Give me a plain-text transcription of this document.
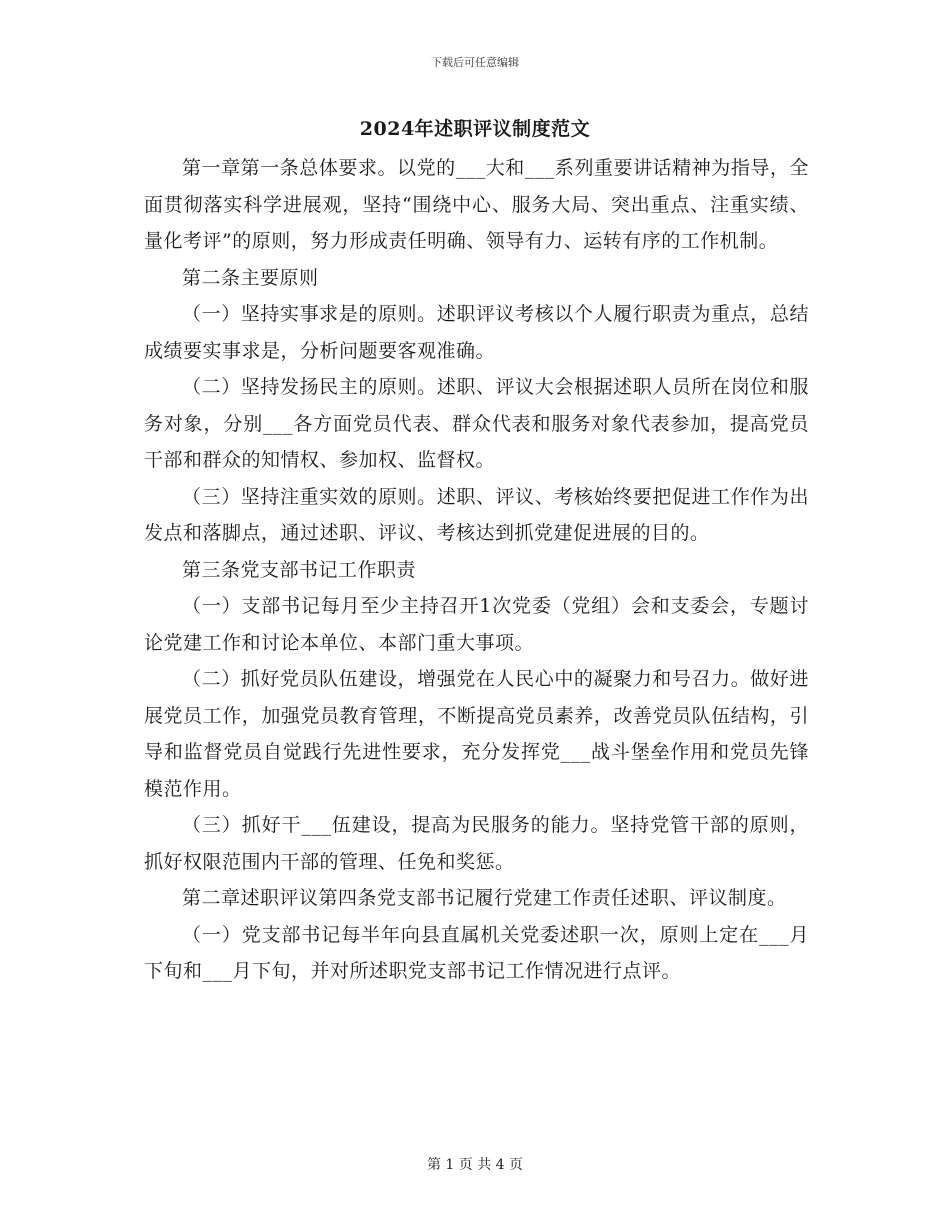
下载后可任意编辑
2024年述职评议制度范文

第一章第一条总体要求。以党的___大和___系列重要讲话精神为指导，全面贯彻落实科学进展观，坚持“围绕中心、服务大局、突出重点、注重实绩、量化考评”的原则，努力形成责任明确、领导有力、运转有序的工作机制。

第二条主要原则

（一）坚持实事求是的原则。述职评议考核以个人履行职责为重点，总结成绩要实事求是，分析问题要客观准确。

（二）坚持发扬民主的原则。述职、评议大会根据述职人员所在岗位和服务对象，分别___各方面党员代表、群众代表和服务对象代表参加，提高党员干部和群众的知情权、参加权、监督权。

（三）坚持注重实效的原则。述职、评议、考核始终要把促进工作作为出发点和落脚点，通过述职、评议、考核达到抓党建促进展的目的。

第三条党支部书记工作职责

（一）支部书记每月至少主持召开1次党委（党组）会和支委会，专题讨论党建工作和讨论本单位、本部门重大事项。

（二）抓好党员队伍建设，增强党在人民心中的凝聚力和号召力。做好进展党员工作，加强党员教育管理，不断提高党员素养，改善党员队伍结构，引导和监督党员自觉践行先进性要求，充分发挥党___战斗堡垒作用和党员先锋模范作用。

（三）抓好干___伍建设，提高为民服务的能力。坚持党管干部的原则，抓好权限范围内干部的管理、任免和奖惩。

第二章述职评议第四条党支部书记履行党建工作责任述职、评议制度。

（一）党支部书记每半年向县直属机关党委述职一次，原则上定在___月下旬和___月下旬，并对所述职党支部书记工作情况进行点评。

第 1 页 共 4 页
